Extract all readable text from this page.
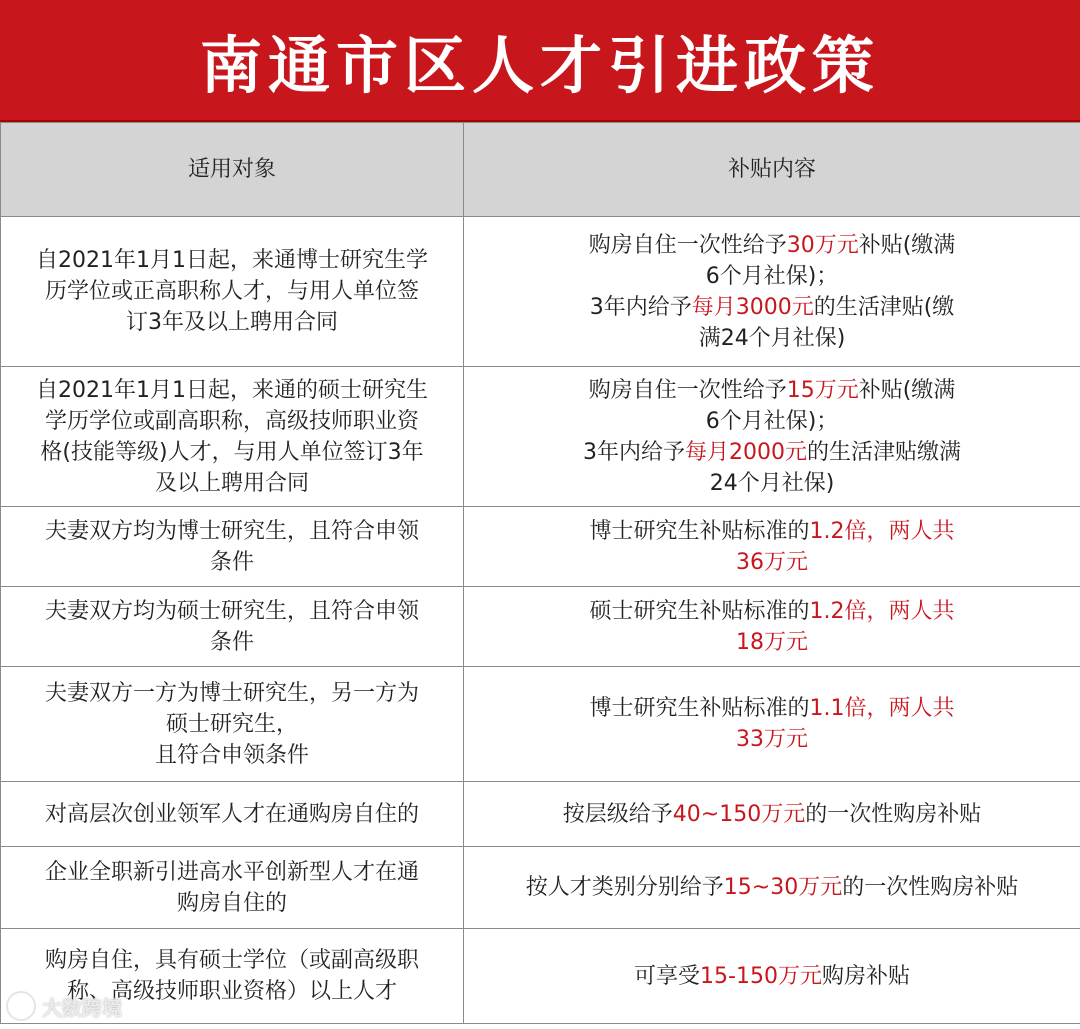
南通市区人才引进政策
适用对象	补贴内容

自2021年1月1日起，来通博士研究生学
历学位或正高职称人才，与用人单位签
订3年及以上聘用合同	购房自住一次性给予30万元补贴(缴满
6个月社保)；
3年内给予每月3000元的生活津贴(缴
满24个月社保)

自2021年1月1日起，来通的硕士研究生
学历学位或副高职称，高级技师职业资
格(技能等级)人才，与用人单位签订3年
及以上聘用合同	购房自住一次性给予15万元补贴(缴满
6个月社保)；
3年内给予每月2000元的生活津贴缴满
24个月社保)

夫妻双方均为博士研究生，且符合申领
条件	博士研究生补贴标准的1.2倍，两人共
36万元

夫妻双方均为硕士研究生，且符合申领
条件	硕士研究生补贴标准的1.2倍，两人共
18万元

夫妻双方一方为博士研究生，另一方为
硕士研究生，
且符合申领条件	博士研究生补贴标准的1.1倍，两人共
33万元

对高层次创业领军人才在通购房自住的	按层级给予40~150万元的一次性购房补贴

企业全职新引进高水平创新型人才在通
购房自住的	按人才类别分别给予15~30万元的一次性购房补贴

购房自住，具有硕士学位（或副高级职
称、高级技师职业资格）以上人才	可享受15-150万元购房补贴
大数跨境
